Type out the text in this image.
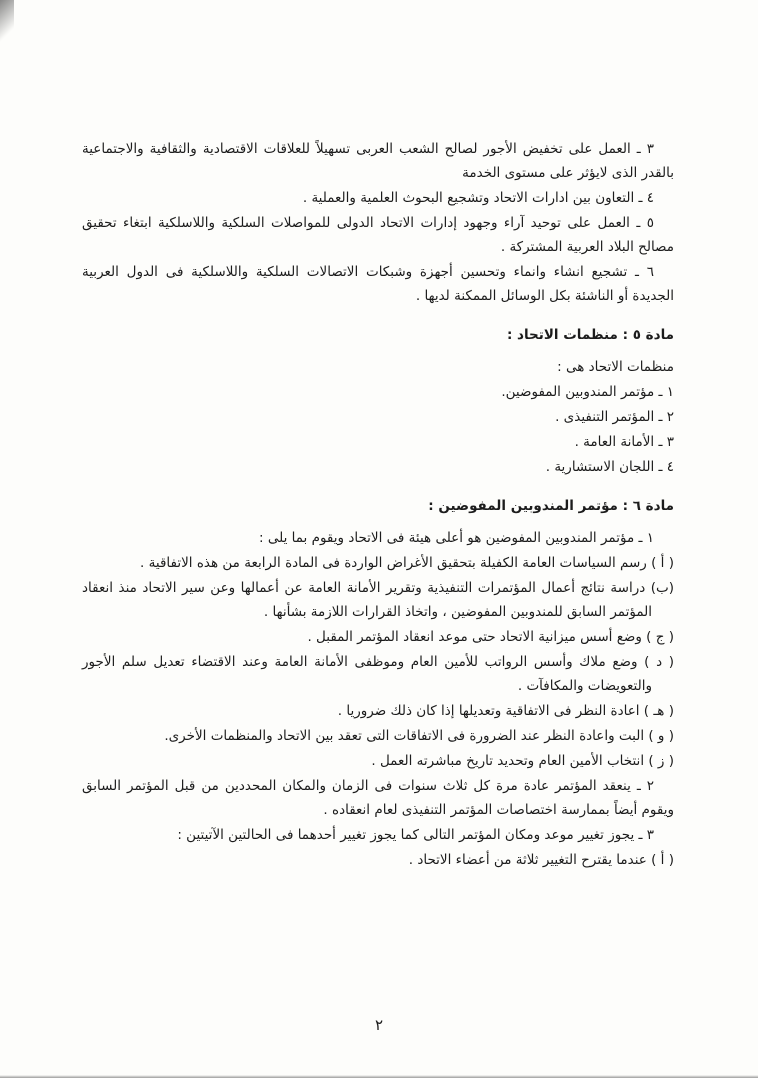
٣ ـ العمل على تخفيض الأجور لصالح الشعب العربى تسهيلاً للعلاقات الاقتصادية والثقافية والاجتماعية بالقدر الذى لايؤثر على مستوى الخدمة

٤ ـ التعاون بين ادارات الاتحاد وتشجيع البحوث العلمية والعملية .

٥ ـ العمل على توحيد آراء وجهود إدارات الاتحاد الدولى للمواصلات السلكية واللاسلكية ابتغاء تحقيق مصالح البلاد العربية المشتركة .

٦ ـ تشجيع انشاء وانماء وتحسين أجهزة وشبكات الاتصالات السلكية واللاسلكية فى الدول العربية الجديدة أو الناشئة بكل الوسائل الممكنة لديها .

مادة ٥ : منظمات الاتحاد :

منظمات الاتحاد هى :

١ ـ مؤتمر المندوبين المفوضين.

٢ ـ المؤتمر التنفيذى .

٣ ـ الأمانة العامة .

٤ ـ اللجان الاستشارية .

مادة ٦ : مؤتمر المندوبين المفوضين :

١ ـ مؤتمر المندوبين المفوضين هو أعلى هيئة فى الاتحاد ويقوم بما يلى :

( أ ) رسم السياسات العامة الكفيلة بتحقيق الأغراض الواردة فى المادة الرابعة من هذه الاتفاقية .

(ب) دراسة نتائج أعمال المؤتمرات التنفيذية وتقرير الأمانة العامة عن أعمالها وعن سير الاتحاد منذ انعقاد المؤتمر السابق للمندوبين المفوضين ، واتخاذ القرارات اللازمة بشأنها .

( ج ) وضع أسس ميزانية الاتحاد حتى موعد انعقاد المؤتمر المقبل .

( د ) وضع ملاك وأسس الرواتب للأمين العام وموظفى الأمانة العامة وعند الاقتضاء تعديل سلم الأجور والتعويضات والمكافآت .

( هـ ) اعادة النظر فى الاتفاقية وتعديلها إذا كان ذلك ضروريا .

( و ) البت واعادة النظر عند الضرورة فى الاتفاقات التى تعقد بين الاتحاد والمنظمات الأخرى.

( ز ) انتخاب الأمين العام وتحديد تاريخ مباشرته العمل .

٢ ـ ينعقد المؤتمر عادة مرة كل ثلاث سنوات فى الزمان والمكان المحددين من قبل المؤتمر السابق ويقوم أيضاً بممارسة اختصاصات المؤتمر التنفيذى لعام انعقاده .

٣ ـ يجوز تغيير موعد ومكان المؤتمر التالى كما يجوز تغيير أحدهما فى الحالتين الآتيتين :

( أ ) عندما يقترح التغيير ثلاثة من أعضاء الاتحاد .

٢
